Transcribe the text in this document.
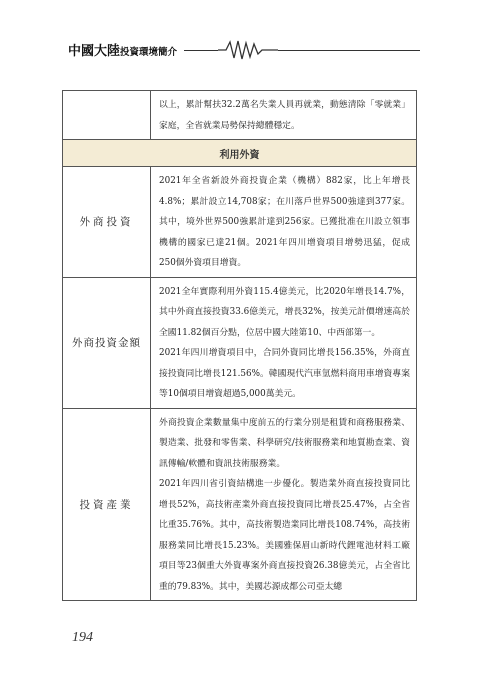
中國大陸投資環境簡介

	以上，累計幫扶32.2萬名失業人員再就業，動態清除「零就業」家庭，全省就業局勢保持總體穩定。

利用外資	
外商投資	2021年全省新設外商投資企業（機構）882家，比上年增長4.8%；累計設立14,708家；在川落戶世界500強達到377家。其中，境外世界500強累計達到256家。已獲批准在川設立領事機構的國家已達21個。2021年四川增資項目增勢迅猛，促成250個外資項目增資。

外商投資金額	2021全年實際利用外資115.4億美元，比2020年增長14.7%，其中外商直接投資33.6億美元，增長32%，按美元計價增速高於全國11.82個百分點，位居中國大陸第10、中西部第一。

2021年四川增資項目中，合同外資同比增長156.35%，外商直接投資同比增長121.56%。韓國現代汽車氫燃料商用車增資專案等10個項目增資超過5,000萬美元。

投資產業	外商投資企業數量集中度前五的行業分別是租賃和商務服務業、製造業、批發和零售業、科學研究/技術服務業和地質勘查業、資訊傳輸/軟體和資訊技術服務業。

2021年四川省引資結構進一步優化。製造業外商直接投資同比增長52%，高技術產業外商直接投資同比增長25.47%，占全省比重35.76%。其中，高技術製造業同比增長108.74%，高技術服務業同比增長15.23%。美國雅保眉山新時代鋰電池材料工廠項目等23個重大外資專案外商直接投資26.38億美元，占全省比重的79.83%。其中，美國芯源成都公司亞太總

194
